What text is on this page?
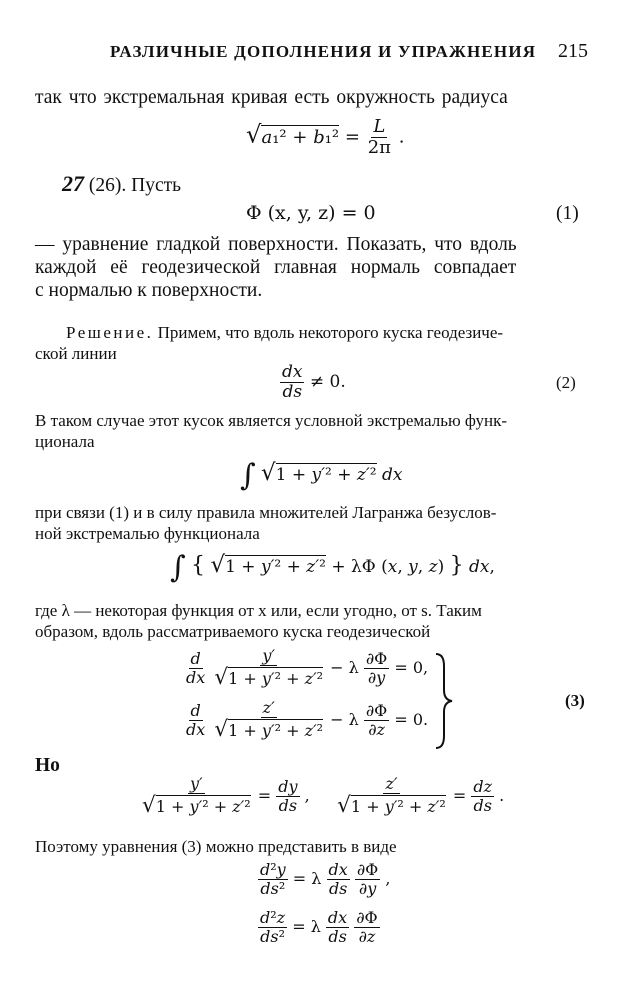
РАЗЛИЧНЫЕ ДОПОЛНЕНИЯ И УПРАЖНЕНИЯ 215
так что экстремальная кривая есть окружность радиуса
$√a_1^2 + b_1^2 = \frac{L}{2\pi}$ .
27 (26). Пусть
Φ (x, y, z) = 0	(1)
— уравнение гладкой поверхности. Показать, что вдоль
каждой её геодезической главная нормаль совпадает
с нормалью к поверхности.
Решение. Примем, что вдоль некоторого куска геодезиче-
ской линии
$\frac{dx}{ds} \ne 0$.	(2)
В таком случае этот кусок является условной экстремалью функ-
ционала
∫ √1 + y′² + z′² dx
при связи (1) и в силу правила множителей Лагранжа безуслов-
ной экстремалью функционала
∫ { √1 + y′² + z′² + λΦ (x, y, z) } dx,
где λ — некоторая функция от x или, если угодно, от s. Таким
образом, вдоль рассматриваемого куска геодезической
$\frac{d}{dx}$
$\frac{y'}{\text{√1 + y′² + z′²}} - \lambda \frac{\partial\Phi}{\partial y} = 0$,
$\frac{d}{dx}$
$\frac{z'}{\text{√1 + y′² + z′²}} - \lambda \frac{\partial\Phi}{\partial z} = 0$.
(3)
Но
$\frac{y'}{\text{√1 + y′² + z′²}} = \frac{dy}{ds}$ , $\frac{z'}{\text{√1 + y′² + z′²}} = \frac{dz}{ds}$ .
Поэтому уравнения (3) можно представить в виде
$\frac{\text{d²y}}{\text{ds²}} = \lambda \frac{dx}{ds}$
$\frac{\partial\Phi}{\partial y}$ ,
$\frac{\text{d²z}}{\text{ds²}} = \lambda \frac{dx}{ds}$
$\frac{\partial\Phi}{\partial z}$
